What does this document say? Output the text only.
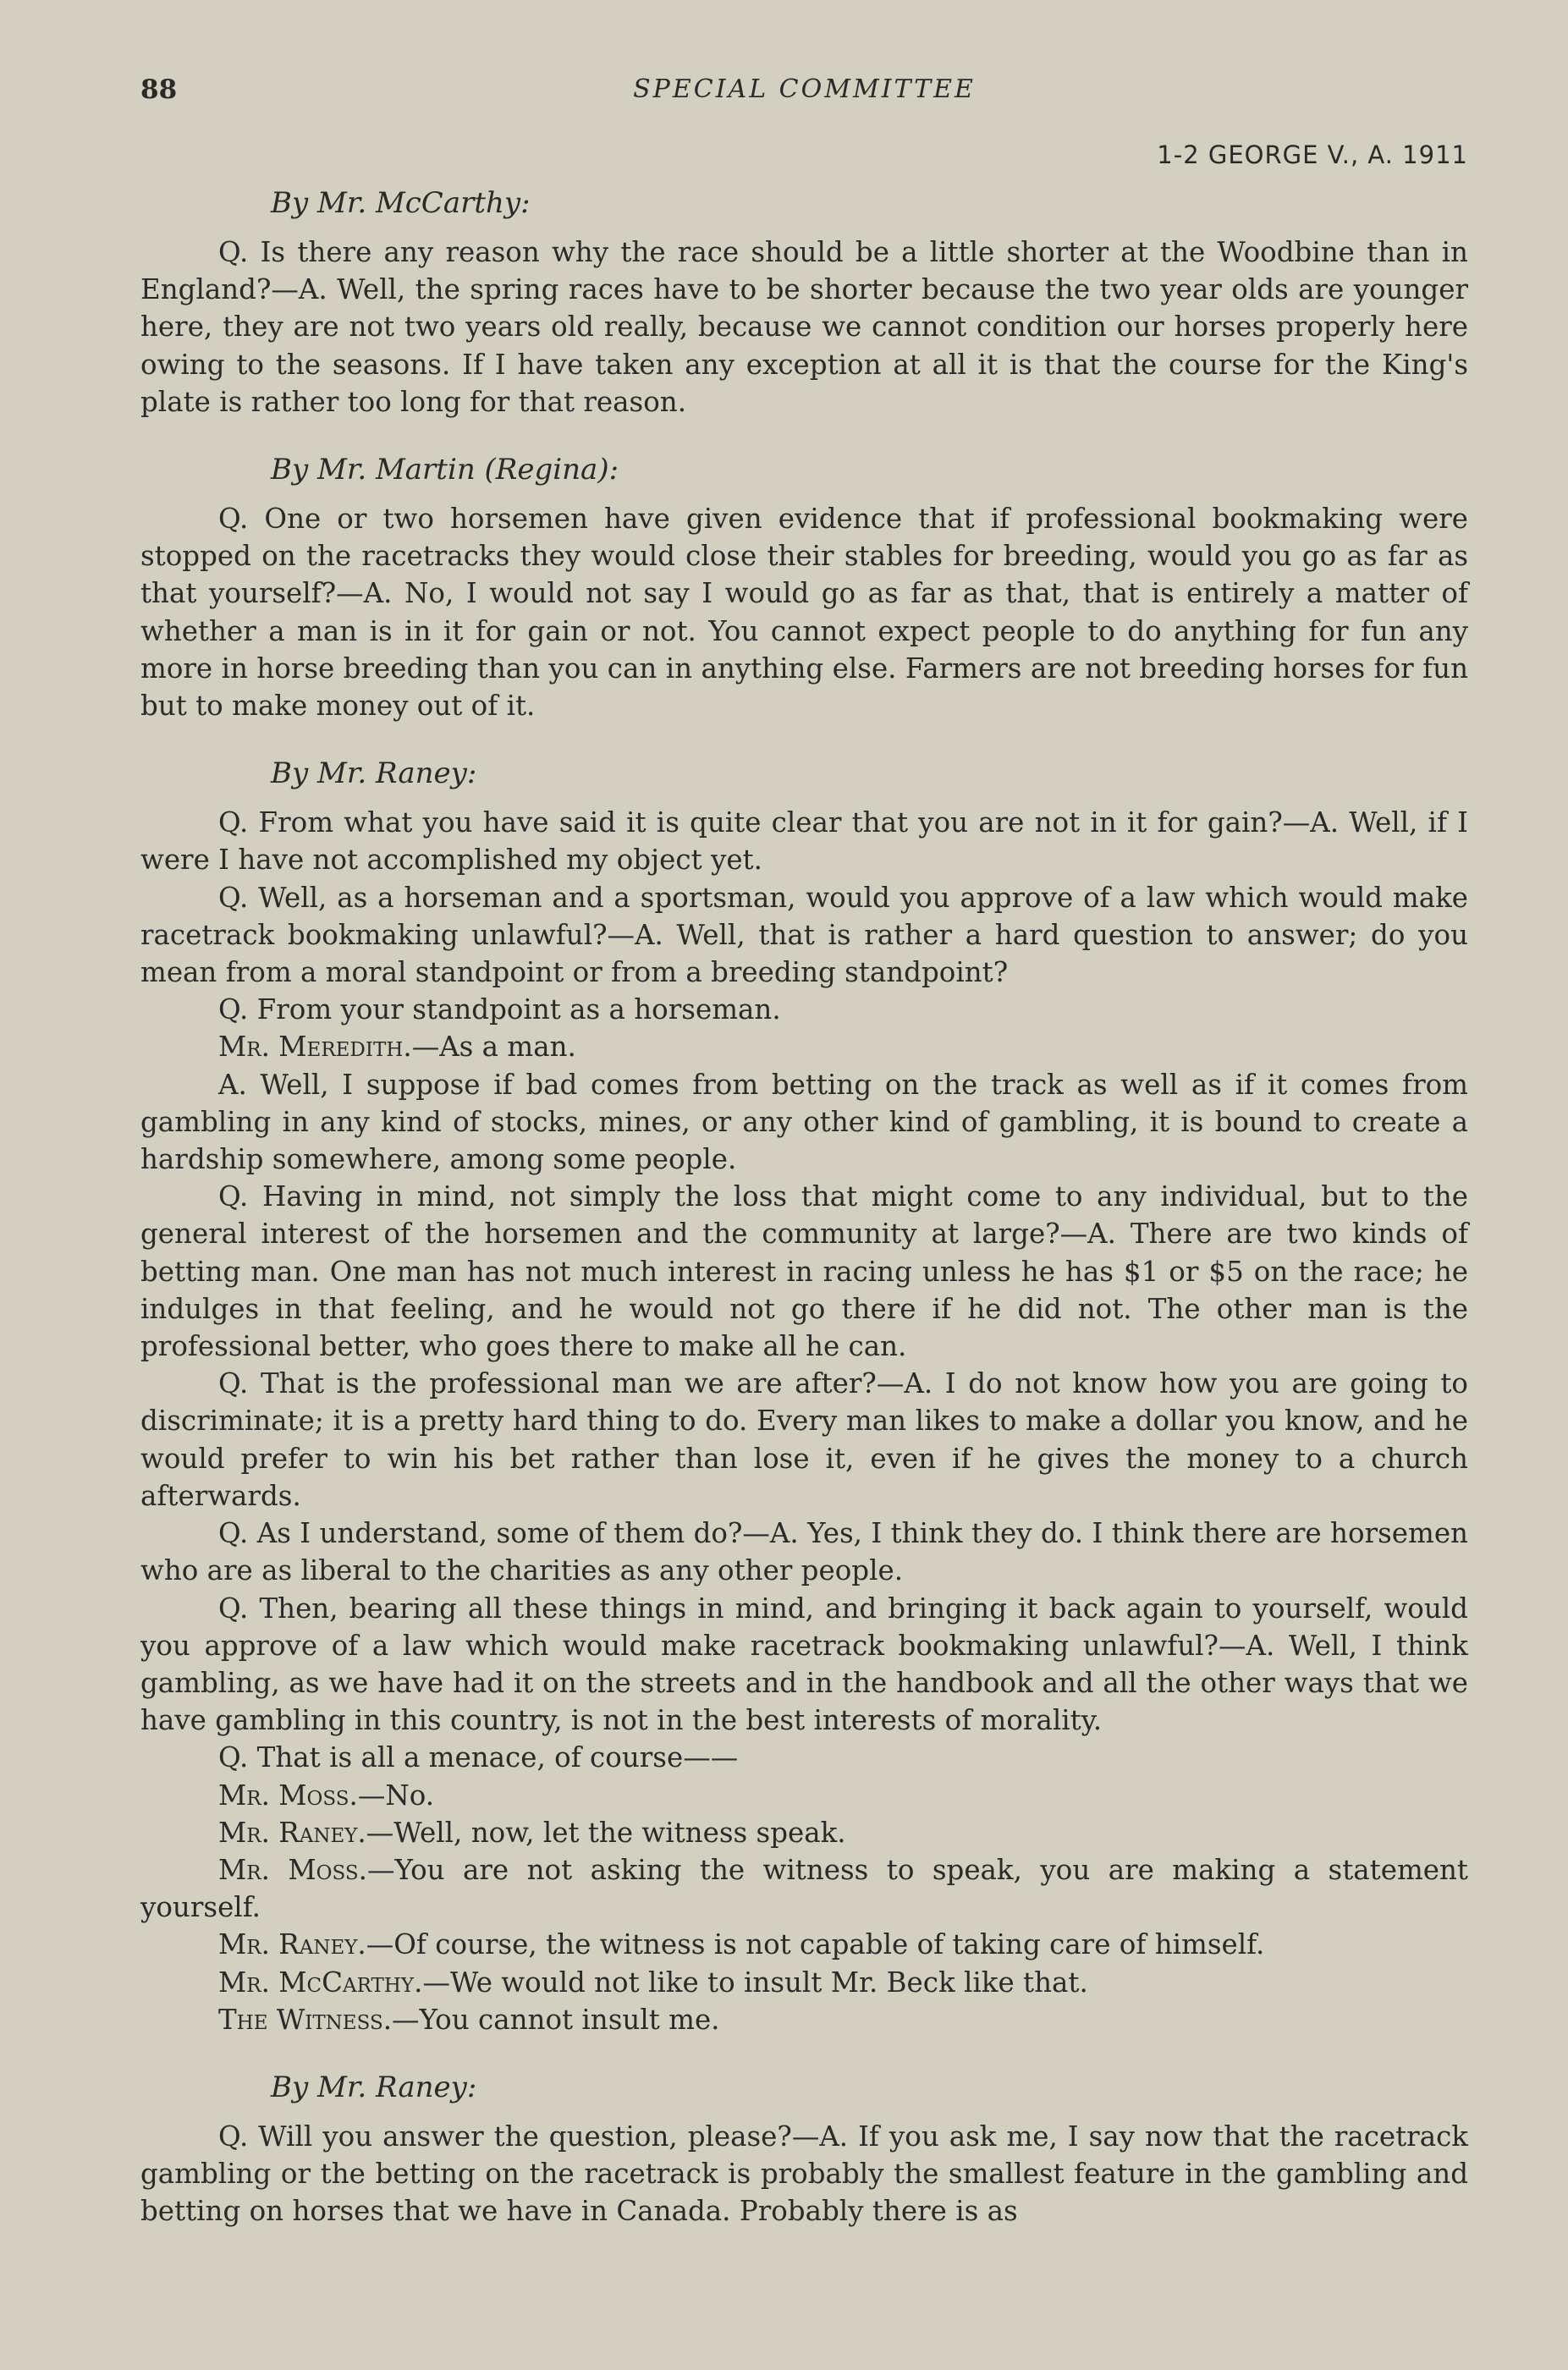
88	SPECIAL COMMITTEE
1-2 GEORGE V., A. 1911

By Mr. McCarthy:

Q. Is there any reason why the race should be a little shorter at the Woodbine than in England?—A. Well, the spring races have to be shorter because the two year olds are younger here, they are not two years old really, because we cannot condition our horses properly here owing to the seasons. If I have taken any exception at all it is that the course for the King's plate is rather too long for that reason.

By Mr. Martin (Regina):

Q. One or two horsemen have given evidence that if professional bookmaking were stopped on the racetracks they would close their stables for breeding, would you go as far as that yourself?—A. No, I would not say I would go as far as that, that is entirely a matter of whether a man is in it for gain or not. You cannot expect people to do anything for fun any more in horse breeding than you can in anything else. Farmers are not breeding horses for fun but to make money out of it.

By Mr. Raney:

Q. From what you have said it is quite clear that you are not in it for gain?—A. Well, if I were I have not accomplished my object yet.

Q. Well, as a horseman and a sportsman, would you approve of a law which would make racetrack bookmaking unlawful?—A. Well, that is rather a hard question to answer; do you mean from a moral standpoint or from a breeding standpoint?

Q. From your standpoint as a horseman.

Mr. Meredith.—As a man.

A. Well, I suppose if bad comes from betting on the track as well as if it comes from gambling in any kind of stocks, mines, or any other kind of gambling, it is bound to create a hardship somewhere, among some people.

Q. Having in mind, not simply the loss that might come to any individual, but to the general interest of the horsemen and the community at large?—A. There are two kinds of betting man. One man has not much interest in racing unless he has $1 or $5 on the race; he indulges in that feeling, and he would not go there if he did not. The other man is the professional better, who goes there to make all he can.

Q. That is the professional man we are after?—A. I do not know how you are going to discriminate; it is a pretty hard thing to do. Every man likes to make a dollar you know, and he would prefer to win his bet rather than lose it, even if he gives the money to a church afterwards.

Q. As I understand, some of them do?—A. Yes, I think they do. I think there are horsemen who are as liberal to the charities as any other people.

Q. Then, bearing all these things in mind, and bringing it back again to yourself, would you approve of a law which would make racetrack bookmaking unlawful?—A. Well, I think gambling, as we have had it on the streets and in the handbook and all the other ways that we have gambling in this country, is not in the best interests of morality.

Q. That is all a menace, of course——

Mr. Moss.—No.

Mr. Raney.—Well, now, let the witness speak.

Mr. Moss.—You are not asking the witness to speak, you are making a statement yourself.

Mr. Raney.—Of course, the witness is not capable of taking care of himself.

Mr. McCarthy.—We would not like to insult Mr. Beck like that.

The Witness.—You cannot insult me.

By Mr. Raney:

Q. Will you answer the question, please?—A. If you ask me, I say now that the racetrack gambling or the betting on the racetrack is probably the smallest feature in the gambling and betting on horses that we have in Canada. Probably there is as
